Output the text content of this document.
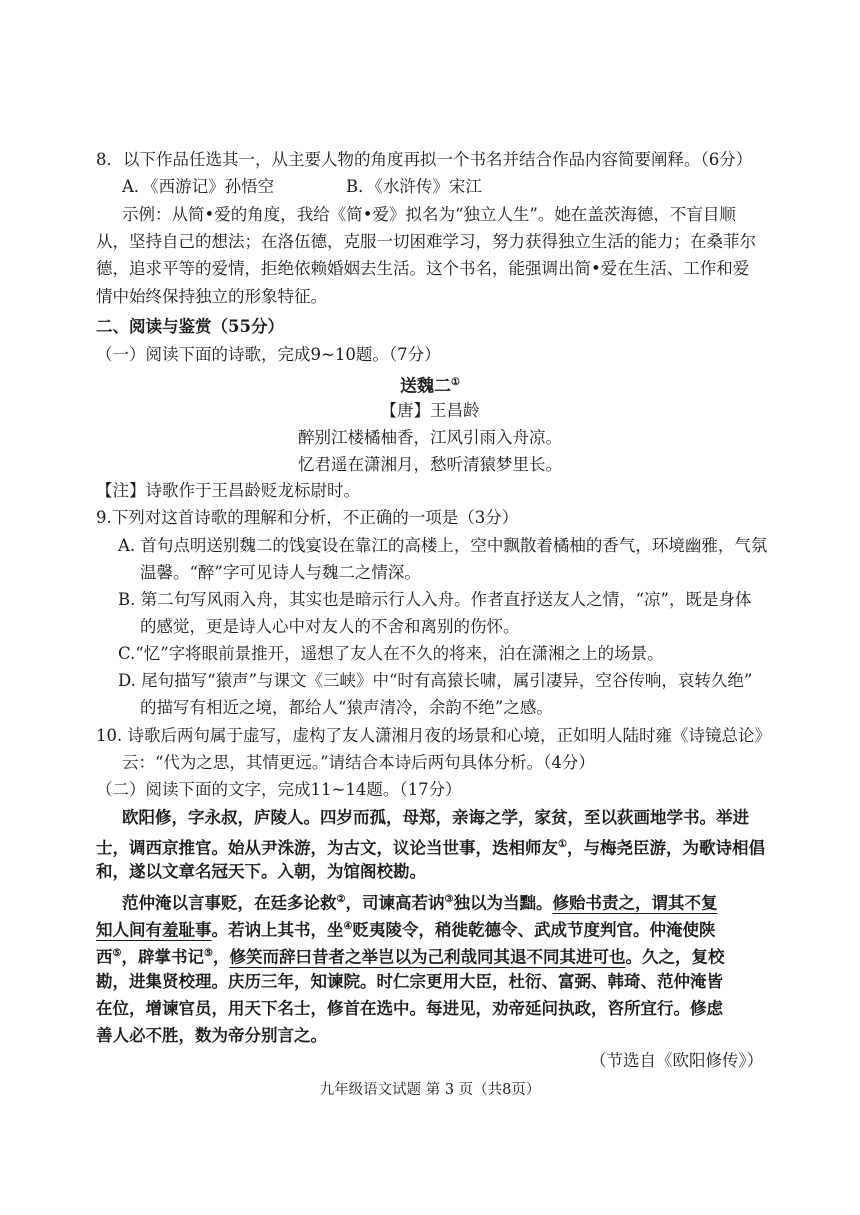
8．以下作品任选其一，从主要人物的角度再拟一个书名并结合作品内容简要阐释。（6分）
A．《西游记》孙悟空	B．《水浒传》宋江
示例：从简•爱的角度，我给《简•爱》拟名为“独立人生”。她在盖茨海德，不盲目顺
从，坚持自己的想法；在洛伍德，克服一切困难学习，努力获得独立生活的能力；在桑菲尔
德，追求平等的爱情，拒绝依赖婚姻去生活。这个书名，能强调出简•爱在生活、工作和爱
情中始终保持独立的形象特征。
二、阅读与鉴赏（55分）
（一）阅读下面的诗歌，完成9~10题。（7分）
送魏二①
【唐】王昌龄
醉别江楼橘柚香，江风引雨入舟凉。
忆君遥在潇湘月，愁听清猿梦里长。
【注】诗歌作于王昌龄贬龙标尉时。
9.下列对这首诗歌的理解和分析，不正确的一项是（3分）
A. 首句点明送别魏二的饯宴设在靠江的高楼上，空中飘散着橘柚的香气，环境幽雅，气氛
温馨。“醉”字可见诗人与魏二之情深。
B. 第二句写风雨入舟，其实也是暗示行人入舟。作者直抒送友人之情，“凉”，既是身体
的感觉，更是诗人心中对友人的不舍和离别的伤怀。
C.“忆”字将眼前景推开，遥想了友人在不久的将来，泊在潇湘之上的场景。
D. 尾句描写“猿声”与课文《三峡》中“时有高猿长啸，属引凄异，空谷传响，哀转久绝”
的描写有相近之境，都给人“猿声清冷，余韵不绝”之感。
10. 诗歌后两句属于虚写，虚构了友人潇湘月夜的场景和心境，正如明人陆时雍《诗镜总论》
云：“代为之思，其情更远。”请结合本诗后两句具体分析。（4分）
（二）阅读下面的文字，完成11~14题。（17分）
欧阳修，字永叔，庐陵人。四岁而孤，母郑，亲诲之学，家贫，至以荻画地学书。举进
士，调西京推官。始从尹洙游，为古文，议论当世事，迭相师友①，与梅尧臣游，为歌诗相倡
和，遂以文章名冠天下。入朝，为馆阁校勘。
范仲淹以言事贬，在廷多论救②，司谏高若讷③独以为当黜。修贻书责之，谓其不复
知人间有羞耻事。若讷上其书，坐④贬夷陵令，稍徙乾德令、武成节度判官。仲淹使陕
西⑤，辟掌书记⑤，修笑而辞曰昔者之举岂以为己利哉同其退不同其进可也。久之，复校
勘，进集贤校理。庆历三年，知谏院。时仁宗更用大臣，杜衍、富弼、韩琦、范仲淹皆
在位，增谏官员，用天下名士，修首在选中。每进见，劝帝延问执政，咨所宜行。修虑
善人必不胜，数为帝分别言之。
（节选自《欧阳修传》）
九年级语文试题 第 3 页（共8页）
